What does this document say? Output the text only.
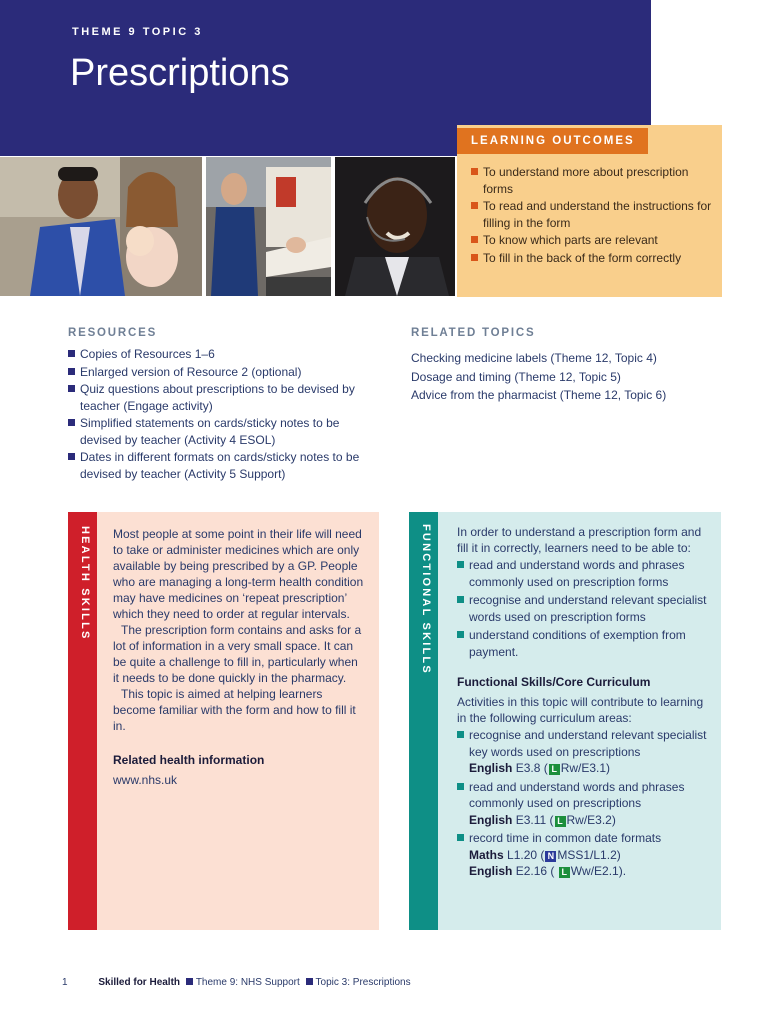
THEME 9 TOPIC 3
Prescriptions
LEARNING OUTCOMES
To understand more about prescription forms
To read and understand the instructions for filling in the form
To know which parts are relevant
To fill in the back of the form correctly
RESOURCES
Copies of Resources 1–6
Enlarged version of Resource 2 (optional)
Quiz questions about prescriptions to be devised by teacher (Engage activity)
Simplified statements on cards/sticky notes to be devised by teacher (Activity 4 ESOL)
Dates in different formats on cards/sticky notes to be devised by teacher (Activity 5 Support)
RELATED TOPICS
Checking medicine labels (Theme 12, Topic 4)
Dosage and timing (Theme 12, Topic 5)
Advice from the pharmacist (Theme 12, Topic 6)
HEALTH SKILLS Most people at some point in their life will need to take or administer medicines which are only available by being prescribed by a GP. People who are managing a long-term health condition may have medicines on ‘repeat prescription’ which they need to order at regular intervals.

The prescription form contains and asks for a lot of information in a very small space. It can be quite a challenge to fill in, particularly when it needs to be done quickly in the pharmacy.

This topic is aimed at helping learners become familiar with the form and how to fill it in.

Related health information

www.nhs.uk

FUNCTIONAL SKILLS In order to understand a prescription form and fill it in correctly, learners need to be able to:

read and understand words and phrases commonly used on prescription forms
recognise and understand relevant specialist words used on prescription forms
understand conditions of exemption from payment.

Functional Skills/Core Curriculum

Activities in this topic will contribute to learning in the following curriculum areas:

recognise and understand relevant specialist key words used on prescriptions
English E3.8 ( L Rw/E3.1)
read and understand words and phrases commonly used on prescriptions
English E3.11 ( L Rw/E3.2)
record time in common date formats
Maths L1.20 ( N MSS1/L1.2)
English E2.16 ( L Ww/E2.1).
1	Skilled for Health Theme 9: NHS Support Topic 3: Prescriptions
